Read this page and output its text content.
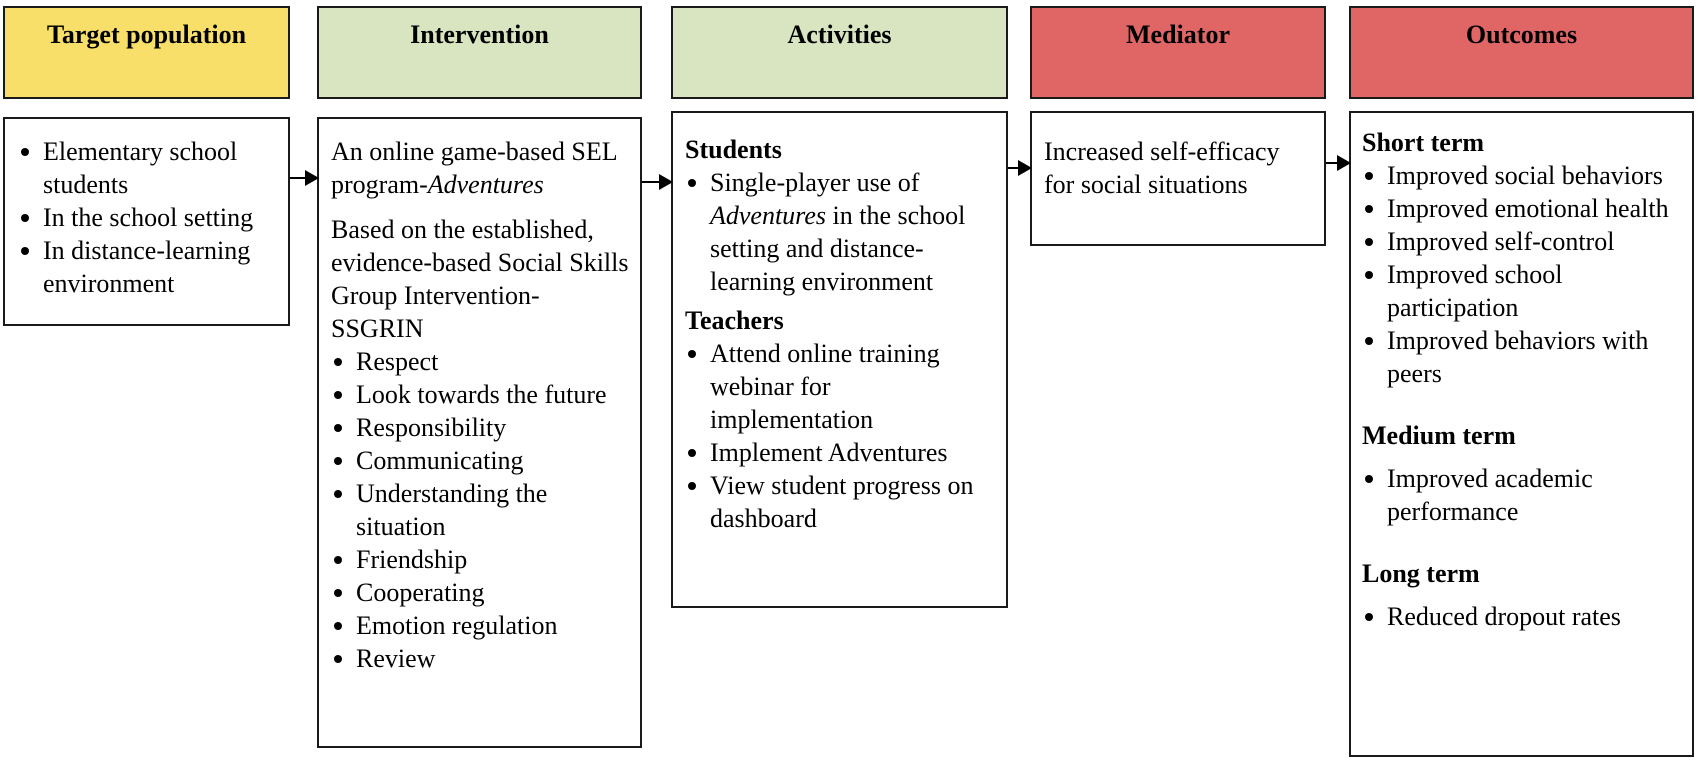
Target population	Intervention	Activities	Mediator	Outcomes
Elementary school students
In the school setting
In distance-learning environment

An online game-based SEL program-Adventures

Based on the established, evidence-based Social Skills Group Intervention-SSGRIN

Respect
Look towards the future
Responsibility
Communicating
Understanding the situation
Friendship
Cooperating
Emotion regulation
Review

Students

Single-player use of Adventures in the school setting and distance-learning environment

Teachers

Attend online training webinar for implementation
Implement Adventures
View student progress on dashboard

Increased self-efficacy for social situations

Short term

Improved social behaviors
Improved emotional health
Improved self-control
Improved school participation
Improved behaviors with peers

Medium term

Improved academic performance

Long term

Reduced dropout rates
